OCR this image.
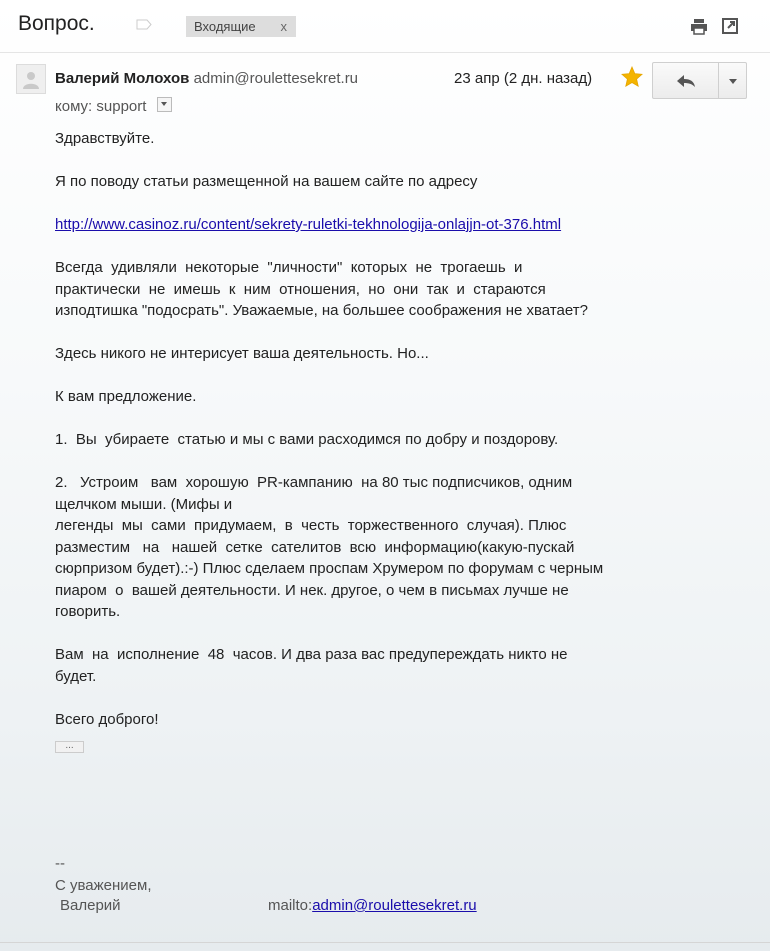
Вопрос.	Входящие x
Валерий Молохов admin@roulettesekret.ru	23 апр (2 дн. назад)
кому: support

Здравствуйте.

Я по поводу статьи размещенной на вашем сайте по адресу

http://www.casinoz.ru/content/sekrety-ruletki-tekhnologija-onlajjn-ot-376.html

Всегда  удивляли  некоторые  "личности"  которых  не  трогаешь  и

практически  не  имешь  к  ним  отношения,  но  они  так  и  стараются

изподтишка "подосрать". Уважаемые, на большее соображения не хватает?

Здесь никого не интерисует ваша деятельность. Но...

К вам предложение.

1.  Вы  убираете  статью и мы с вами расходимся по добру и поздорову.

2.   Устроим   вам  хорошую  PR-кампанию  на 80 тыс подписчиков, одним

щелчком мыши. (Мифы и

легенды  мы  сами  придумаем,  в  честь  торжественного  случая). Плюс

разместим   на   нашей  сетке  сателитов  всю  информацию(какую-пускай

сюрпризом будет).:-) Плюс сделаем проспам Хрумером по форумам с черным

пиаром  о  вашей деятельности. И нек. другое, о чем в письмах лучше не

говорить.

Вам  на  исполнение  48  часов. И два раза вас предупереждать никто не

будет.

Всего доброго!

...
--
С уважением,
Валерий	mailto:admin@roulettesekret.ru
